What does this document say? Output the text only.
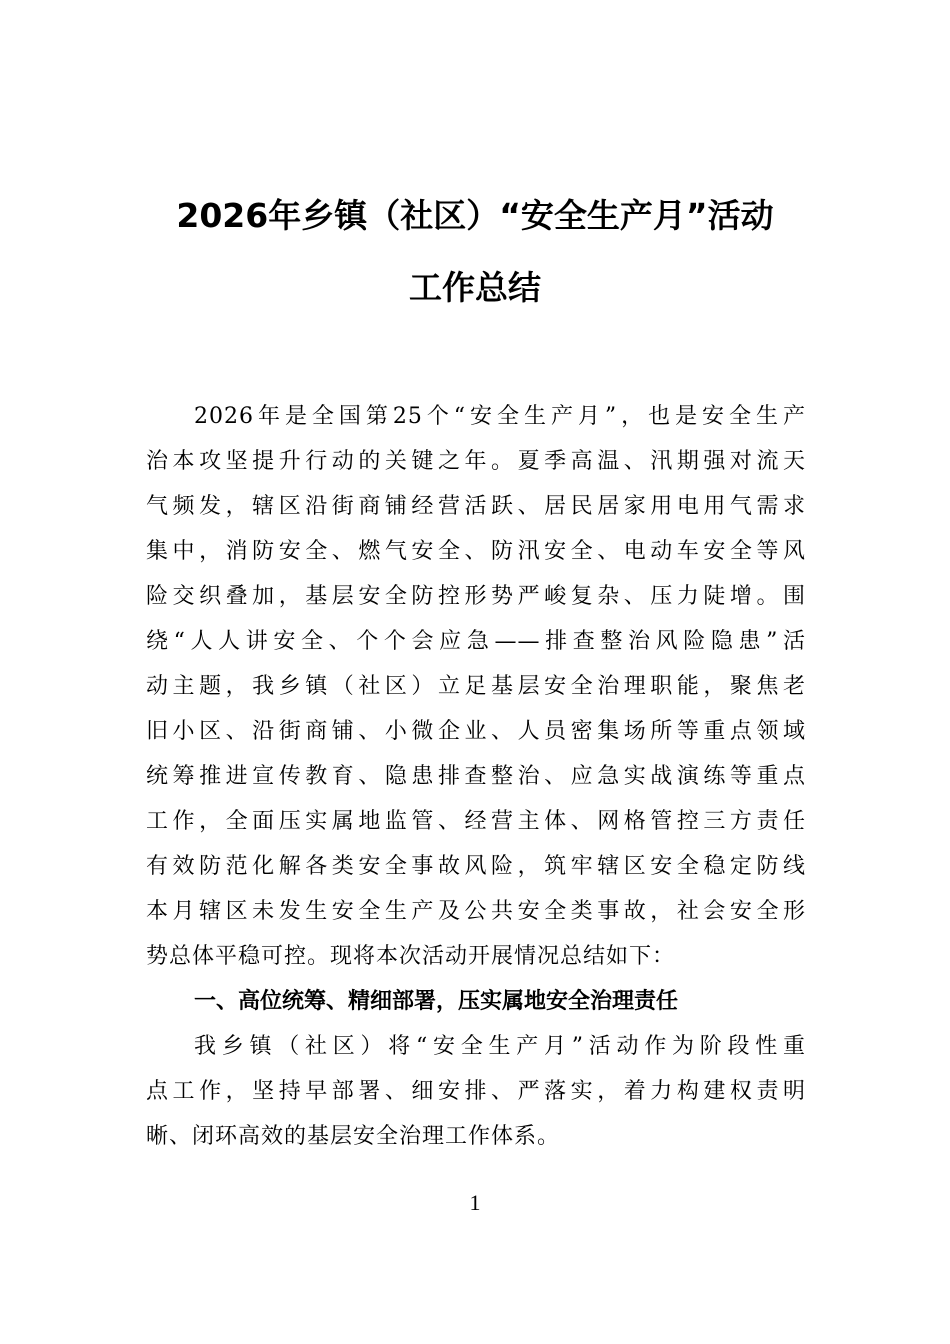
2026年乡镇（社区）“安全生产月”活动
工作总结
2026年是全国第25个“安全生产月”，也是安全生产
治本攻坚提升行动的关键之年。夏季高温、汛期强对流天
气频发，辖区沿街商铺经营活跃、居民居家用电用气需求
集中，消防安全、燃气安全、防汛安全、电动车安全等风
险交织叠加，基层安全防控形势严峻复杂、压力陡增。围
绕“人人讲安全、个个会应急——排查整治风险隐患”活
动主题，我乡镇（社区）立足基层安全治理职能，聚焦老
旧小区、沿街商铺、小微企业、人员密集场所等重点领域
统筹推进宣传教育、隐患排查整治、应急实战演练等重点
工作，全面压实属地监管、经营主体、网格管控三方责任
有效防范化解各类安全事故风险，筑牢辖区安全稳定防线
本月辖区未发生安全生产及公共安全类事故，社会安全形
势总体平稳可控。现将本次活动开展情况总结如下：
一、高位统筹、精细部署，压实属地安全治理责任
我乡镇（社区）将“安全生产月”活动作为阶段性重
点工作，坚持早部署、细安排、严落实，着力构建权责明
晰、闭环高效的基层安全治理工作体系。
1
